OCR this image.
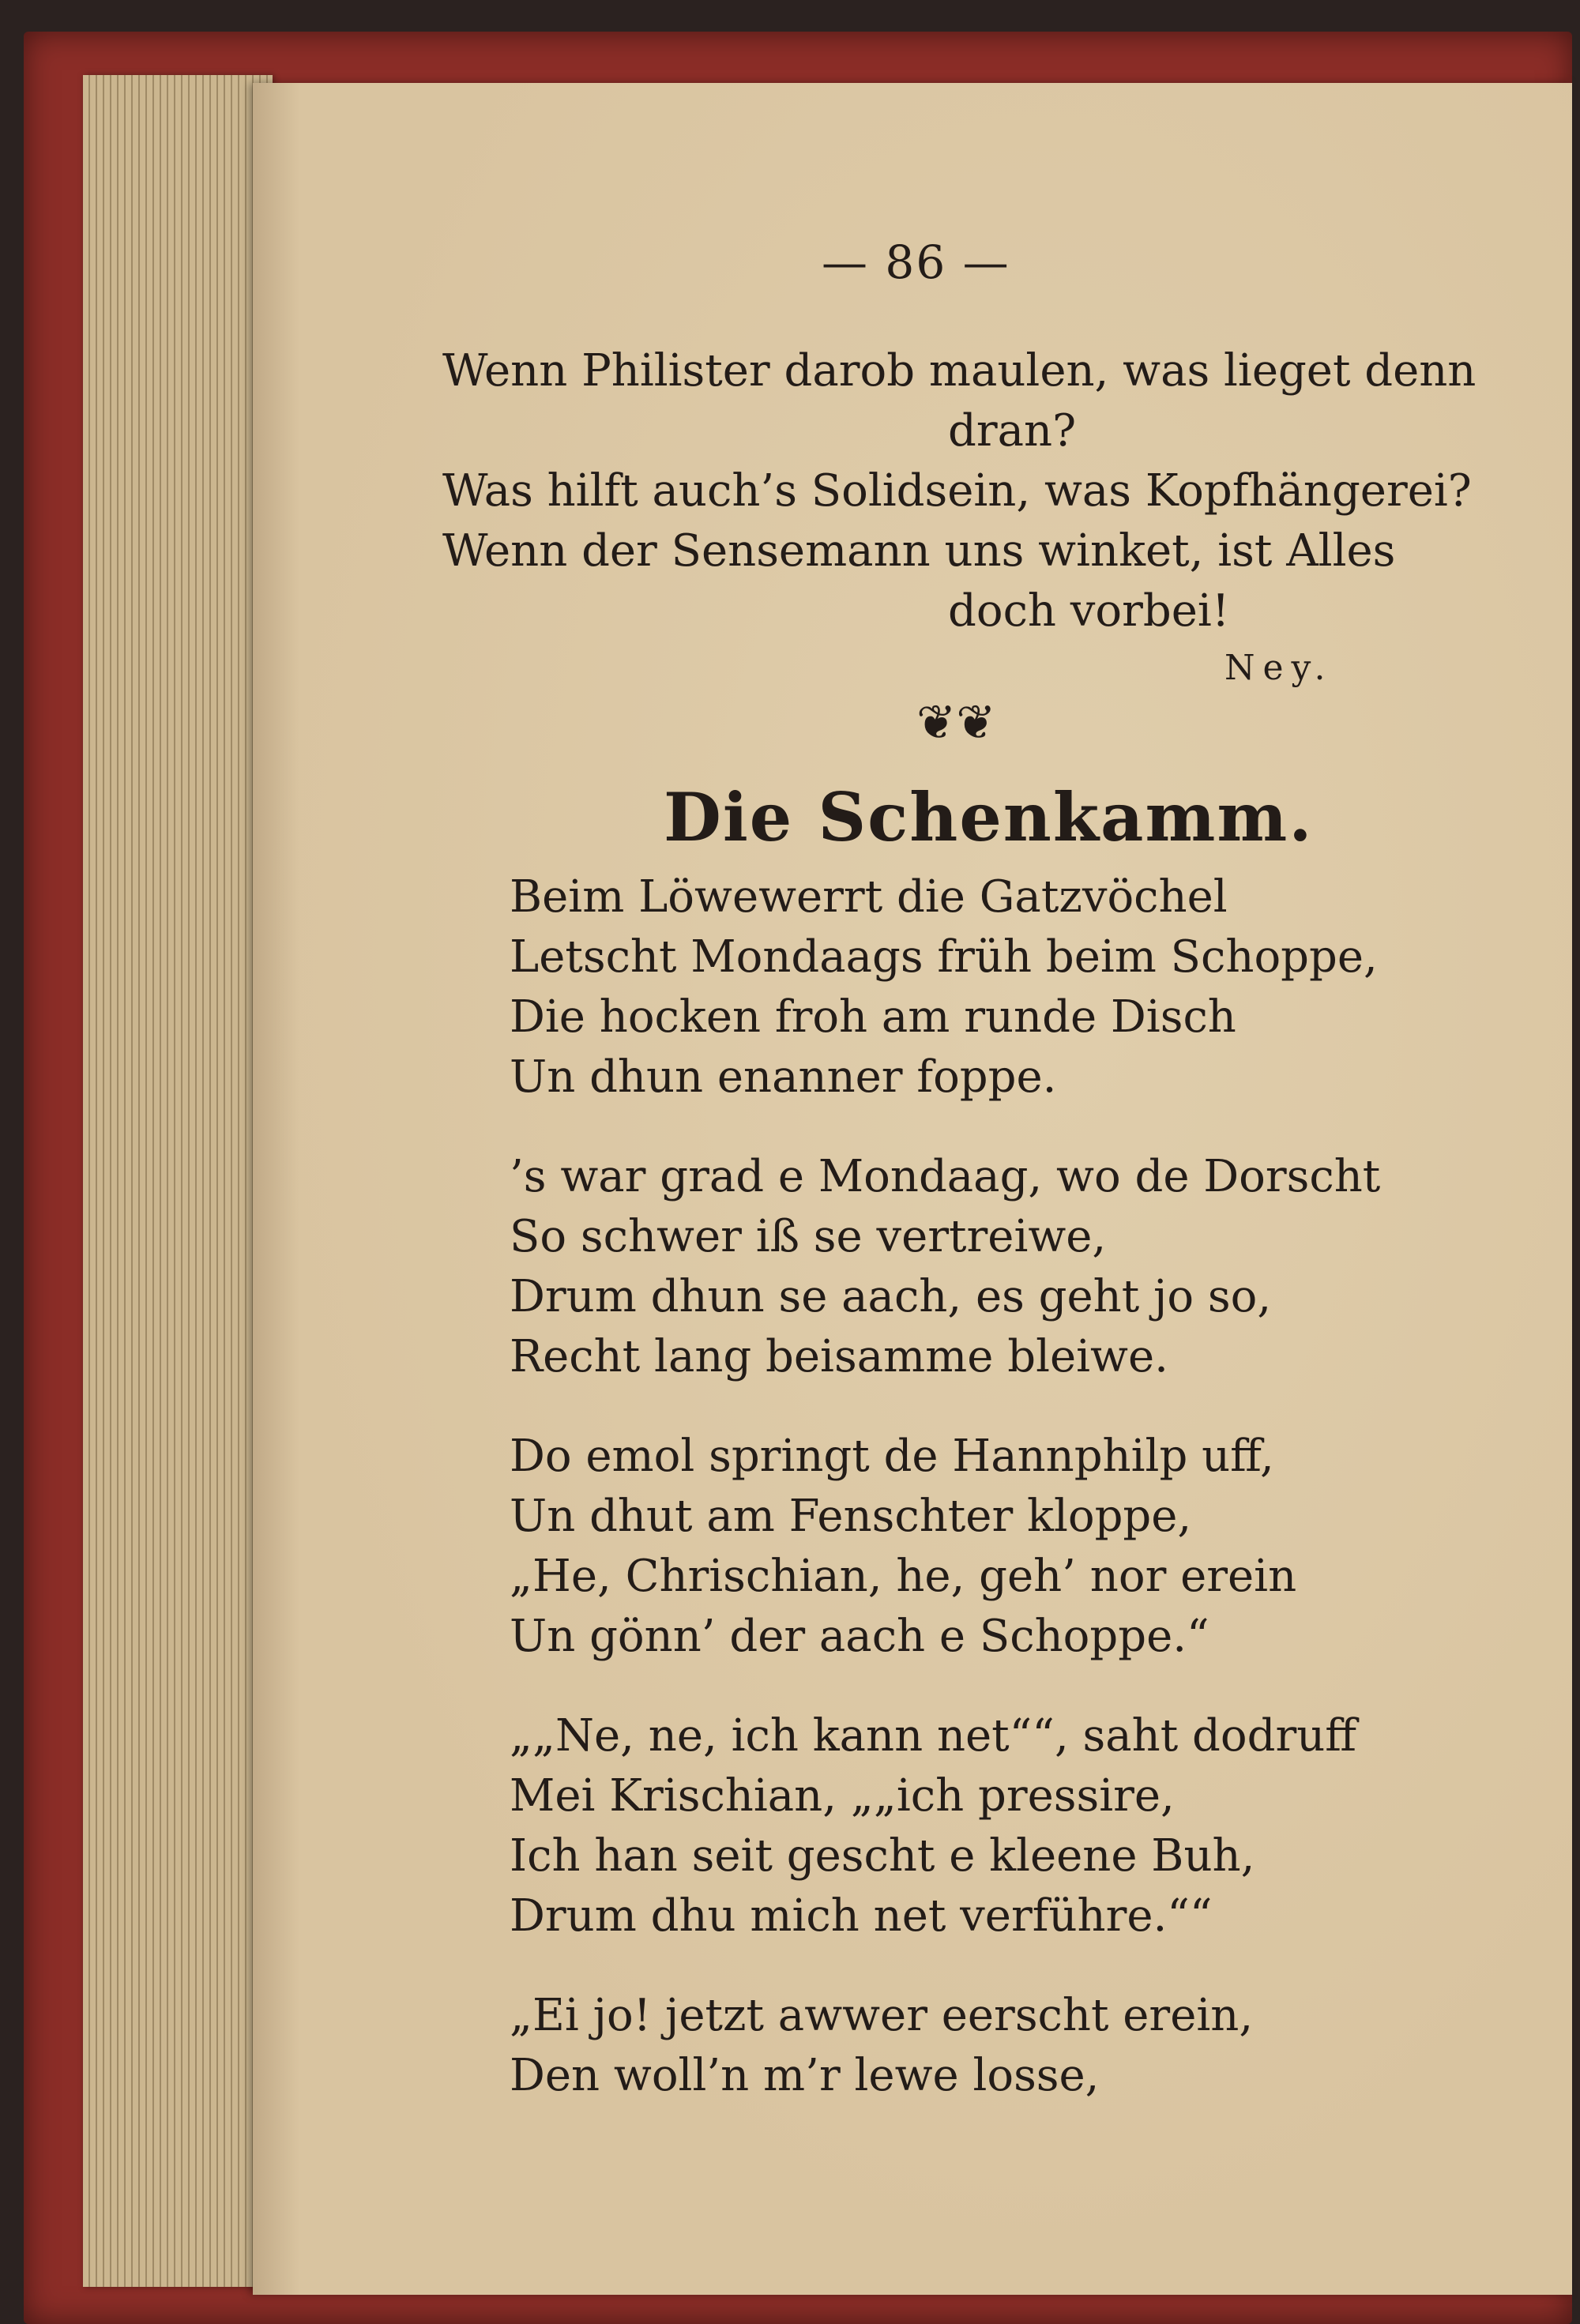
— 86 —
Wenn Philister darob maulen, was lieget denn
dran?
Was hilft auch’s Solidsein, was Kopfhängerei?
Wenn der Sensemann uns winket, ist Alles
doch vorbei!
Ney.
❦❦
Die Schenkamm.
Beim Löwewerrt die Gatzvöchel
Letscht Mondaags früh beim Schoppe,
Die hocken froh am runde Disch
Un dhun enanner foppe.
’s war grad e Mondaag, wo de Dorscht
So schwer iß se vertreiwe,
Drum dhun se aach, es geht jo so,
Recht lang beisamme bleiwe.
Do emol springt de Hannphilp uff,
Un dhut am Fenschter kloppe,
„He, Chrischian, he, geh’ nor erein
Un gönn’ der aach e Schoppe.“
„„Ne, ne, ich kann net““, saht dodruff
Mei Krischian, „„ich pressire,
Ich han seit gescht e kleene Buh,
Drum dhu mich net verführe.““
„Ei jo! jetzt awwer eerscht erein,
Den woll’n m’r lewe losse,
